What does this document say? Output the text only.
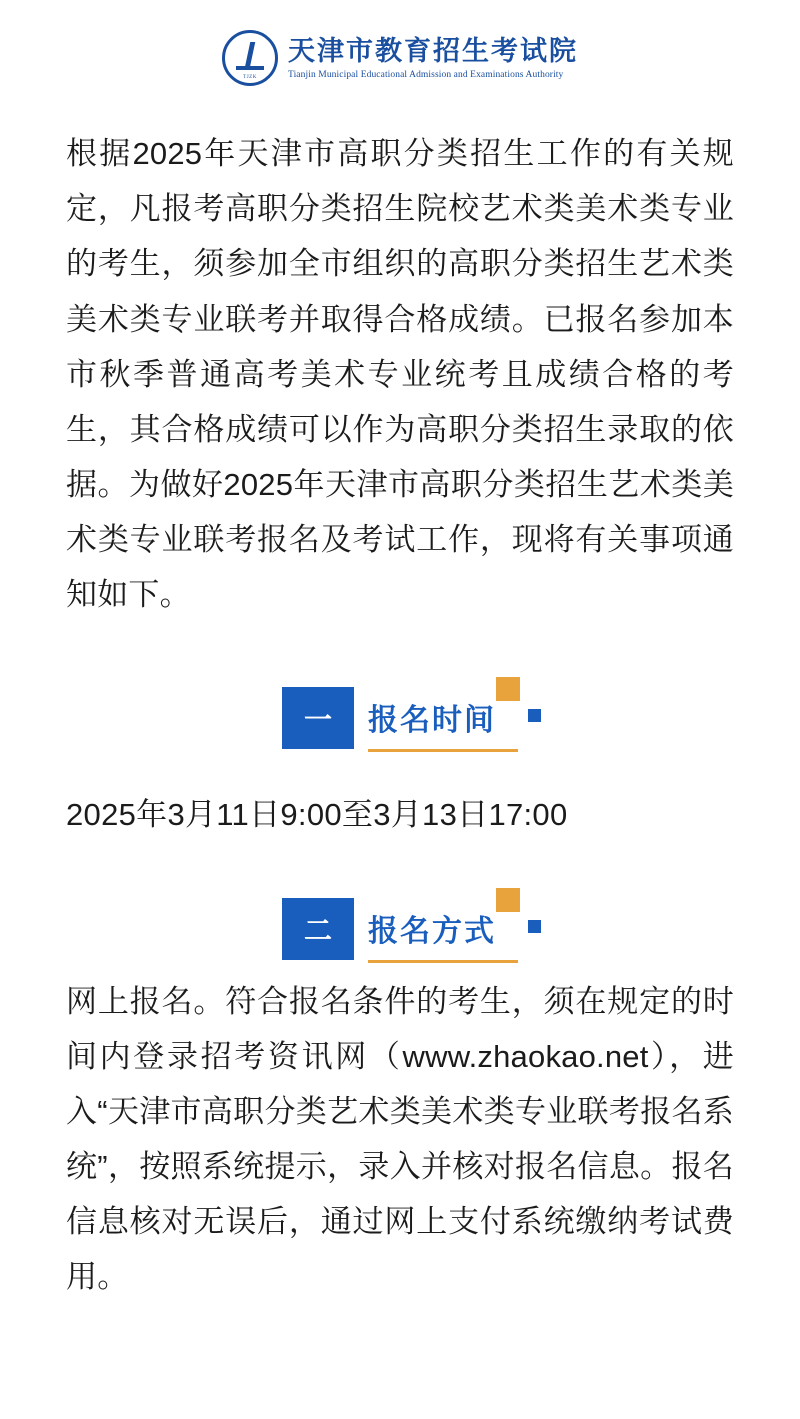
TJZK
天津市教育招生考试院
Tianjin Municipal Educational Admission and Examinations Authority

根据2025年天津市高职分类招生工作的有关规定，凡报考高职分类招生院校艺术类美术类专业的考生，须参加全市组织的高职分类招生艺术类美术类专业联考并取得合格成绩。已报名参加本市秋季普通高考美术专业统考且成绩合格的考生，其合格成绩可以作为高职分类招生录取的依据。为做好2025年天津市高职分类招生艺术类美术类专业联考报名及考试工作，现将有关事项通知如下。

一	报名时间

2025年3月11日9:00至3月13日17:00

二	报名方式

网上报名。符合报名条件的考生，须在规定的时间内登录招考资讯网（www.zhaokao.net），进入“天津市高职分类艺术类美术类专业联考报名系统”，按照系统提示，录入并核对报名信息。报名信息核对无误后，通过网上支付系统缴纳考试费用。
